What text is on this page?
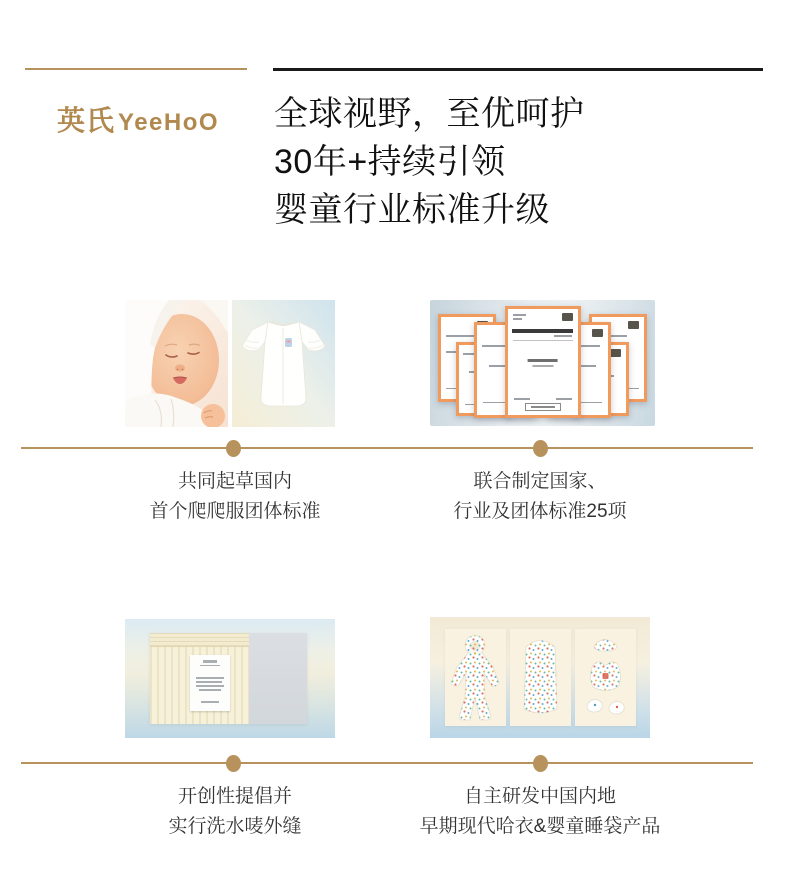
英氏 YeeHoO 全球视野，至优呵护
30年+持续引领
婴童行业标准升级
共同起草国内
首个爬爬服团体标准
联合制定国家、
行业及团体标准25项
开创性提倡并
实行洗水唛外缝
自主研发中国内地
早期现代哈衣&婴童睡袋产品
